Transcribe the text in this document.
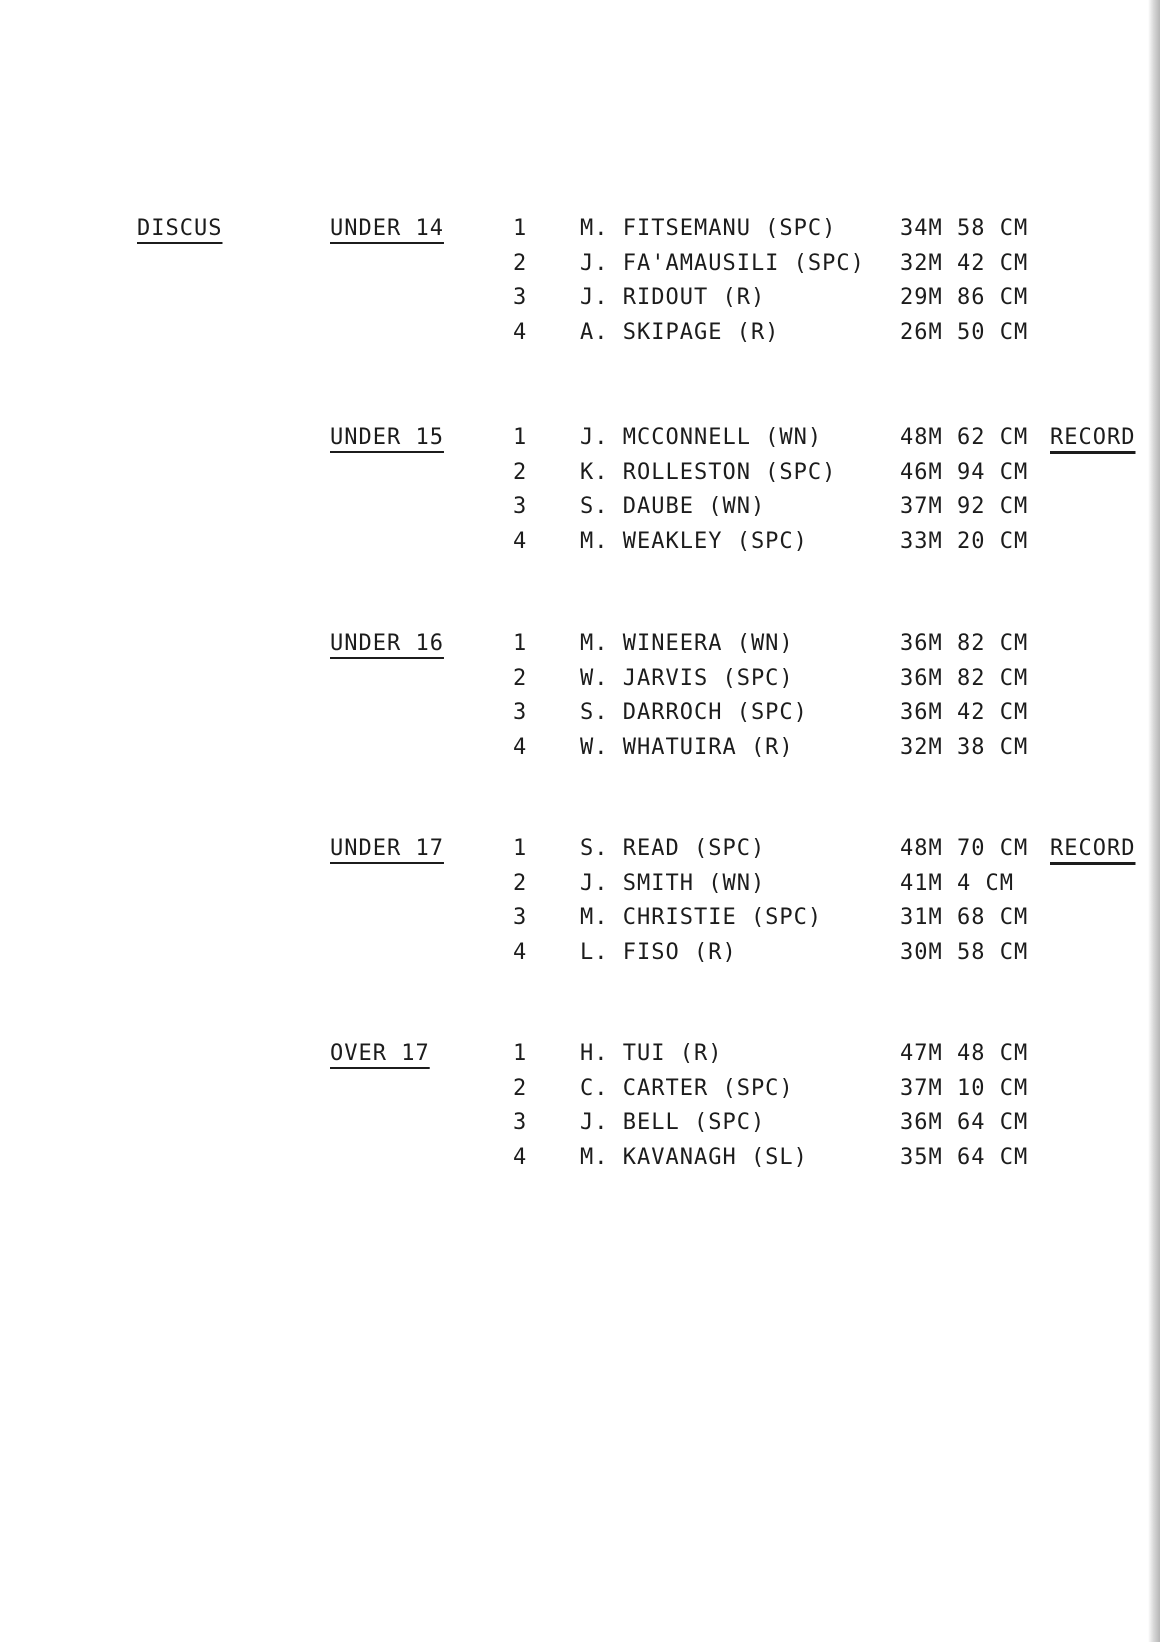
DISCUS	UNDER 14	1 M. FITSEMANU (SPC)	34M 58 CM
2 J. FA'AMAUSILI (SPC) 32M 42 CM
3 J. RIDOUT (R)	29M 86 CM
4 A. SKIPAGE (R)	26M 50 CM
UNDER 15	1 J. MCCONNELL (WN)	48M 62 CM RECORD
2 K. ROLLESTON (SPC)	46M 94 CM
3 S. DAUBE (WN)	37M 92 CM
4 M. WEAKLEY (SPC)	33M 20 CM
UNDER 16	1 M. WINEERA (WN)	36M 82 CM
2 W. JARVIS (SPC)	36M 82 CM
3 S. DARROCH (SPC)	36M 42 CM
4 W. WHATUIRA (R)	32M 38 CM
UNDER 17	1 S. READ (SPC)	48M 70 CM RECORD
2 J. SMITH (WN)	41M 4 CM
3 M. CHRISTIE (SPC)	31M 68 CM
4 L. FISO (R)	30M 58 CM
OVER 17	1 H. TUI (R)	47M 48 CM
2 C. CARTER (SPC)	37M 10 CM
3 J. BELL (SPC)	36M 64 CM
4 M. KAVANAGH (SL)	35M 64 CM
